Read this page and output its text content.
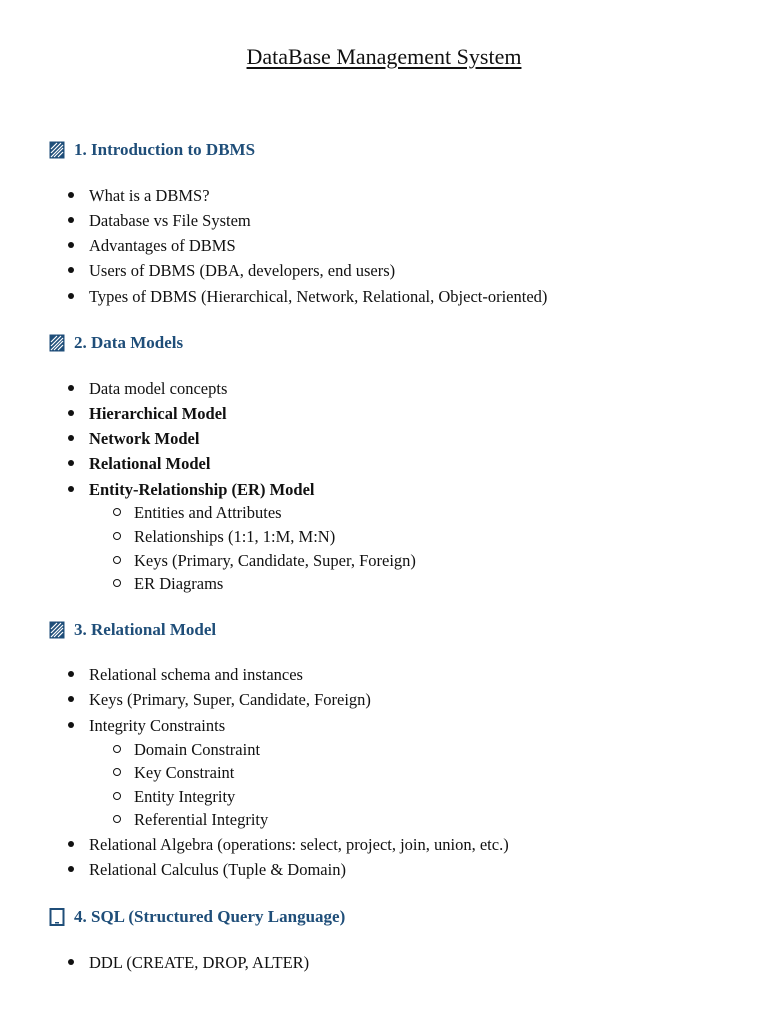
DataBase Management System
1. Introduction to DBMS
What is a DBMS?
Database vs File System
Advantages of DBMS
Users of DBMS (DBA, developers, end users)
Types of DBMS (Hierarchical, Network, Relational, Object-oriented)
2. Data Models
Data model concepts
Hierarchical Model
Network Model
Relational Model
Entity-Relationship (ER) Model
Entities and Attributes
Relationships (1:1, 1:M, M:N)
Keys (Primary, Candidate, Super, Foreign)
ER Diagrams
3. Relational Model
Relational schema and instances
Keys (Primary, Super, Candidate, Foreign)
Integrity Constraints
Domain Constraint
Key Constraint
Entity Integrity
Referential Integrity
Relational Algebra (operations: select, project, join, union, etc.)
Relational Calculus (Tuple & Domain)
4. SQL (Structured Query Language)
DDL (CREATE, DROP, ALTER)
